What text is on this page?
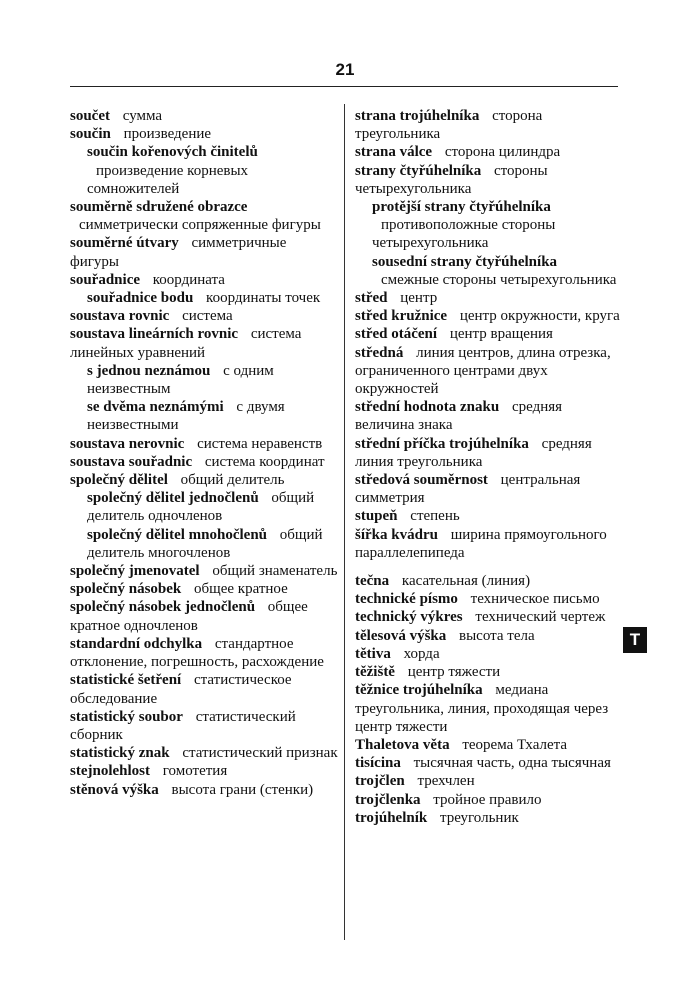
21
součet сумма
součin произведение
součin kořenových činitelů произведение корневых сомножителей
souměrně sdružené obrazce симметрически сопряженные фигуры
souměrné útvary симметричные фигуры
souřadnice координата
souřadnice bodu координаты точек
soustava rovnic система
soustava lineárních rovnic система линейных уравнений
s jednou neznámou с одним неизвестным
se dvěma neznámými с двумя неизвестными
soustava nerovnic система неравенств
soustava souřadnic система координат
společný dělitel общий делитель
společný dělitel jednočlenů общий делитель одночленов
společný dělitel mnohočlenů общий делитель многочленов
společný jmenovatel общий знаменатель
společný násobek общее кратное
společný násobek jednočlenů общее кратное одночленов
standardní odchylka стандартное отклонение, погрешность, расхождение
statistické šetření статистическое обследование
statistický soubor статистический сборник
statistický znak статистический признак
stejnolehlost гомотетия
stěnová výška высота грани (стенки)
strana trojúhelníka сторона треугольника
strana válce сторона цилиндра
strany čtyřúhelníka стороны четырехугольника
protější strany čtyřúhelníka противоположные стороны четырехугольника
sousední strany čtyřúhelníka смежные стороны четырехугольника
střed центр
střed kružnice центр окружности, круга
střed otáčení центр вращения
středná линия центров, длина отрезка, ограниченного центрами двух окружностей
střední hodnota znaku средняя величина знака
střední příčka trojúhelníka средняя линия треугольника
středová souměrnost центральная симметрия
stupeň степень
šířka kvádru ширина прямоугольного параллелепипеда
tečna касательная (линия)
technické písmo техническое письмо
technický výkres технический чертеж
tělesová výška высота тела
tětiva хорда
těžiště центр тяжести
těžnice trojúhelníka медиана треугольника, линия, проходящая через центр тяжести
Thaletova věta теорема Тхалета
tisícina тысячная часть, одна тысячная
trojčlen трехчлен
trojčlenka тройное правило
trojúhelník треугольник
T
